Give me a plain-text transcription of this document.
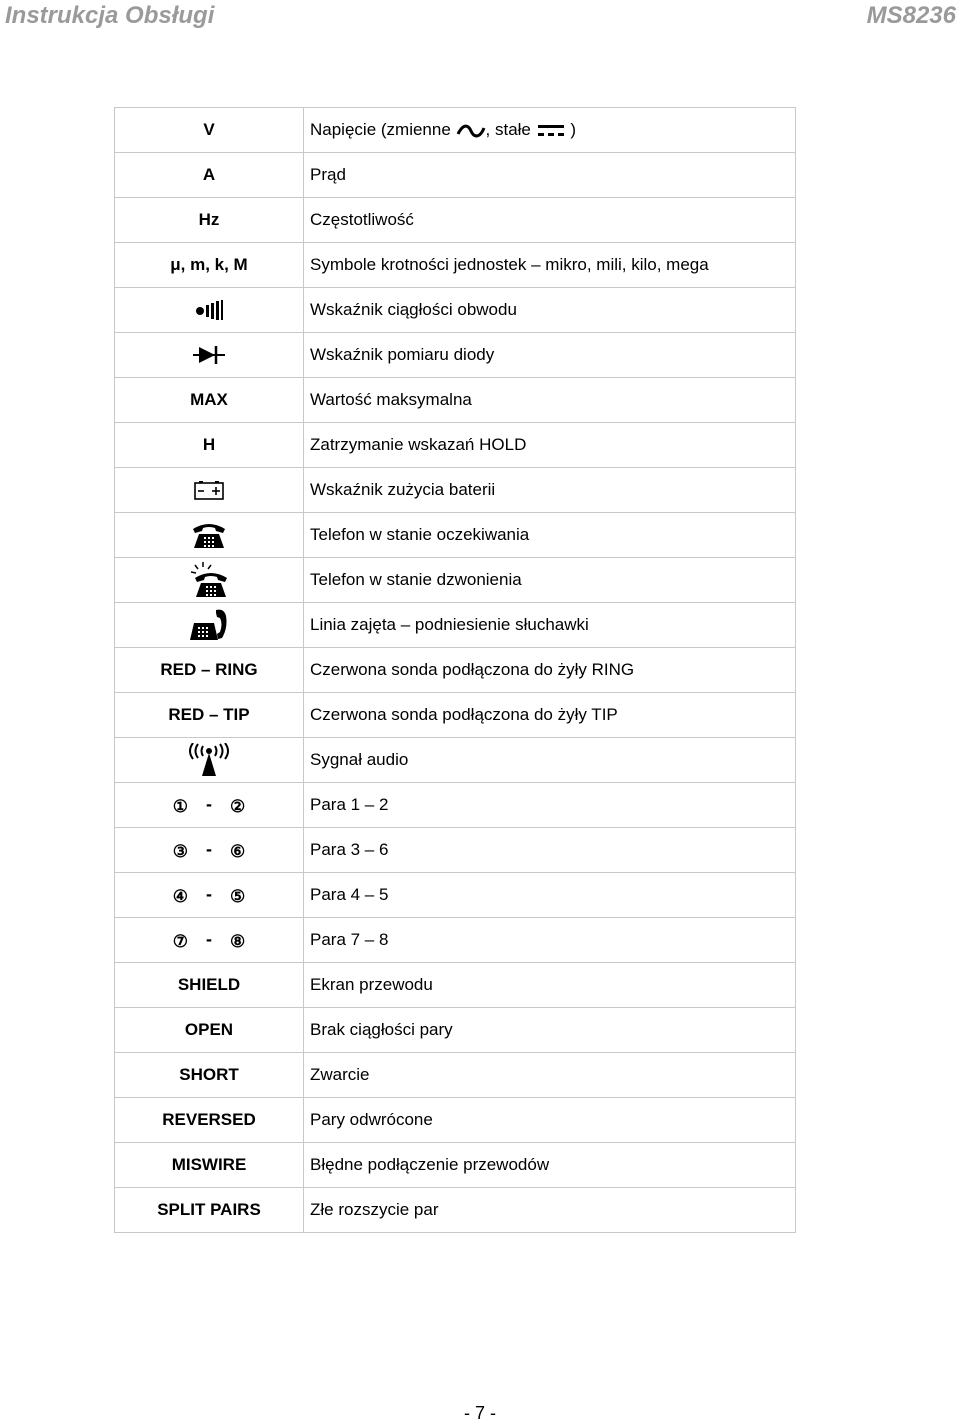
Instrukcja Obsługi	MS8236
V	Napięcie (zmienne , stałe  )
A	Prąd
Hz	Częstotliwość
μ, m, k, M	Symbole krotności jednostek – mikro, mili, kilo, mega
	Wskaźnik ciągłości obwodu
	Wskaźnik pomiaru diody
MAX	Wartość maksymalna
H	Zatrzymanie wskazań HOLD
	Wskaźnik zużycia baterii
	Telefon w stanie oczekiwania
	Telefon w stanie dzwonienia
	Linia zajęta – podniesienie słuchawki
RED – RING	Czerwona sonda podłączona do żyły RING
RED – TIP	Czerwona sonda podłączona do żyły TIP
	Sygnał audio
① - ②	Para 1 – 2
③ - ⑥	Para 3 – 6
④ - ⑤	Para 4 – 5
⑦ - ⑧	Para 7 – 8
SHIELD	Ekran przewodu
OPEN	Brak ciągłości pary
SHORT	Zwarcie
REVERSED	Pary odwrócone
MISWIRE	Błędne podłączenie przewodów
SPLIT PAIRS	Złe rozszycie par
- 7 -
